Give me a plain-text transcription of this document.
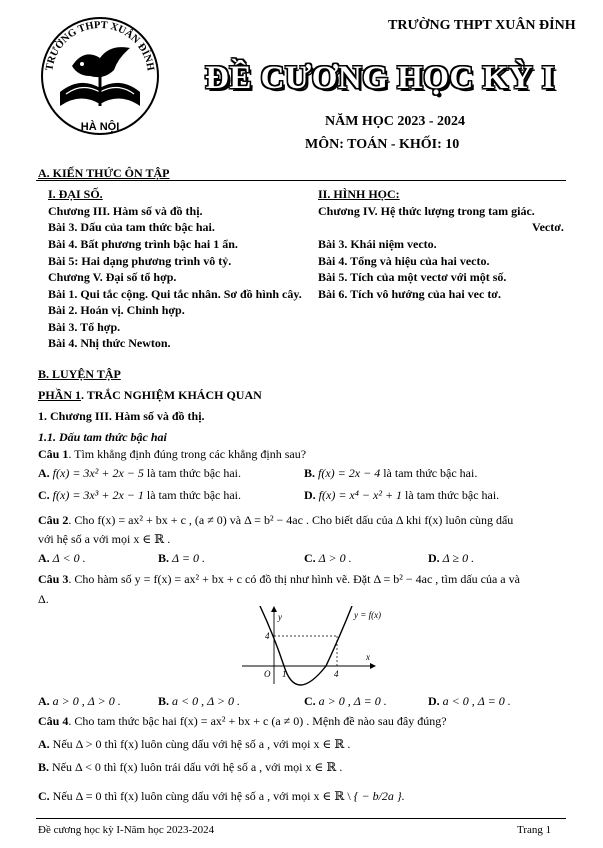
TRƯỜNG THPT XUÂN ĐỈNH
HÀ NỘI
TRƯỜNG THPT XUÂN ĐỈNH
ĐỀ CƯƠNG HỌC KỲ I
NĂM HỌC 2023 - 2024
MÔN: TOÁN - KHỐI: 10
A. KIẾN THỨC ÔN TẬP
I. ĐẠI SỐ.
Chương III. Hàm số và đồ thị.
Bài 3. Dấu của tam thức bậc hai.
Bài 4. Bất phương trình bậc hai 1 ẩn.
Bài 5: Hai dạng phương trình vô tỷ.
Chương V. Đại số tổ hợp.
Bài 1. Qui tắc cộng. Qui tắc nhân. Sơ đồ hình cây.
Bài 2. Hoán vị. Chỉnh hợp.
Bài 3. Tổ hợp.
Bài 4. Nhị thức Newton.
II. HÌNH HỌC:
Chương IV. Hệ thức lượng trong tam giác.
Vectơ.
Bài 3. Khái niệm vecto.
Bài 4. Tổng và hiệu của hai vecto.
Bài 5. Tích của một vectơ với một số.
Bài 6. Tích vô hướng của hai vec tơ.
B. LUYỆN TẬP
PHẦN 1. TRẮC NGHIỆM KHÁCH QUAN
1. Chương III. Hàm số và đồ thị.
1.1. Dấu tam thức bậc hai
Câu 1. Tìm khẳng định đúng trong các khẳng định sau?
A. f(x) = 3x² + 2x − 5 là tam thức bậc hai.	B. f(x) = 2x − 4 là tam thức bậc hai.
C. f(x) = 3x³ + 2x − 1 là tam thức bậc hai.	D. f(x) = x⁴ − x² + 1 là tam thức bậc hai.
Câu 2. Cho f(x) = ax² + bx + c , (a ≠ 0) và Δ = b² − 4ac . Cho biết dấu của Δ khi f(x) luôn cùng dấu
với hệ số a với mọi x ∈ ℝ .
A. Δ < 0 .	B. Δ = 0 .	C. Δ > 0 .	D. Δ ≥ 0 .
Câu 3. Cho hàm số y = f(x) = ax² + bx + c có đồ thị như hình vẽ. Đặt Δ = b² − 4ac , tìm dấu của a và
Δ.
y	y = f(x)
4
O 1	4
x
A. a > 0 , Δ > 0 .	B. a < 0 , Δ > 0 .	C. a > 0 , Δ = 0 .	D. a < 0 , Δ = 0 .
Câu 4. Cho tam thức bậc hai f(x) = ax² + bx + c (a ≠ 0) . Mệnh đề nào sau đây đúng?
A. Nếu Δ > 0 thì f(x) luôn cùng dấu với hệ số a , với mọi x ∈ ℝ .
B. Nếu Δ < 0 thì f(x) luôn trái dấu với hệ số a , với mọi x ∈ ℝ .
C. Nếu Δ = 0 thì f(x) luôn cùng dấu với hệ số a , với mọi x ∈ ℝ \ { − b/2a }.
Đề cương học kỳ I-Năm học 2023-2024	Trang 1
